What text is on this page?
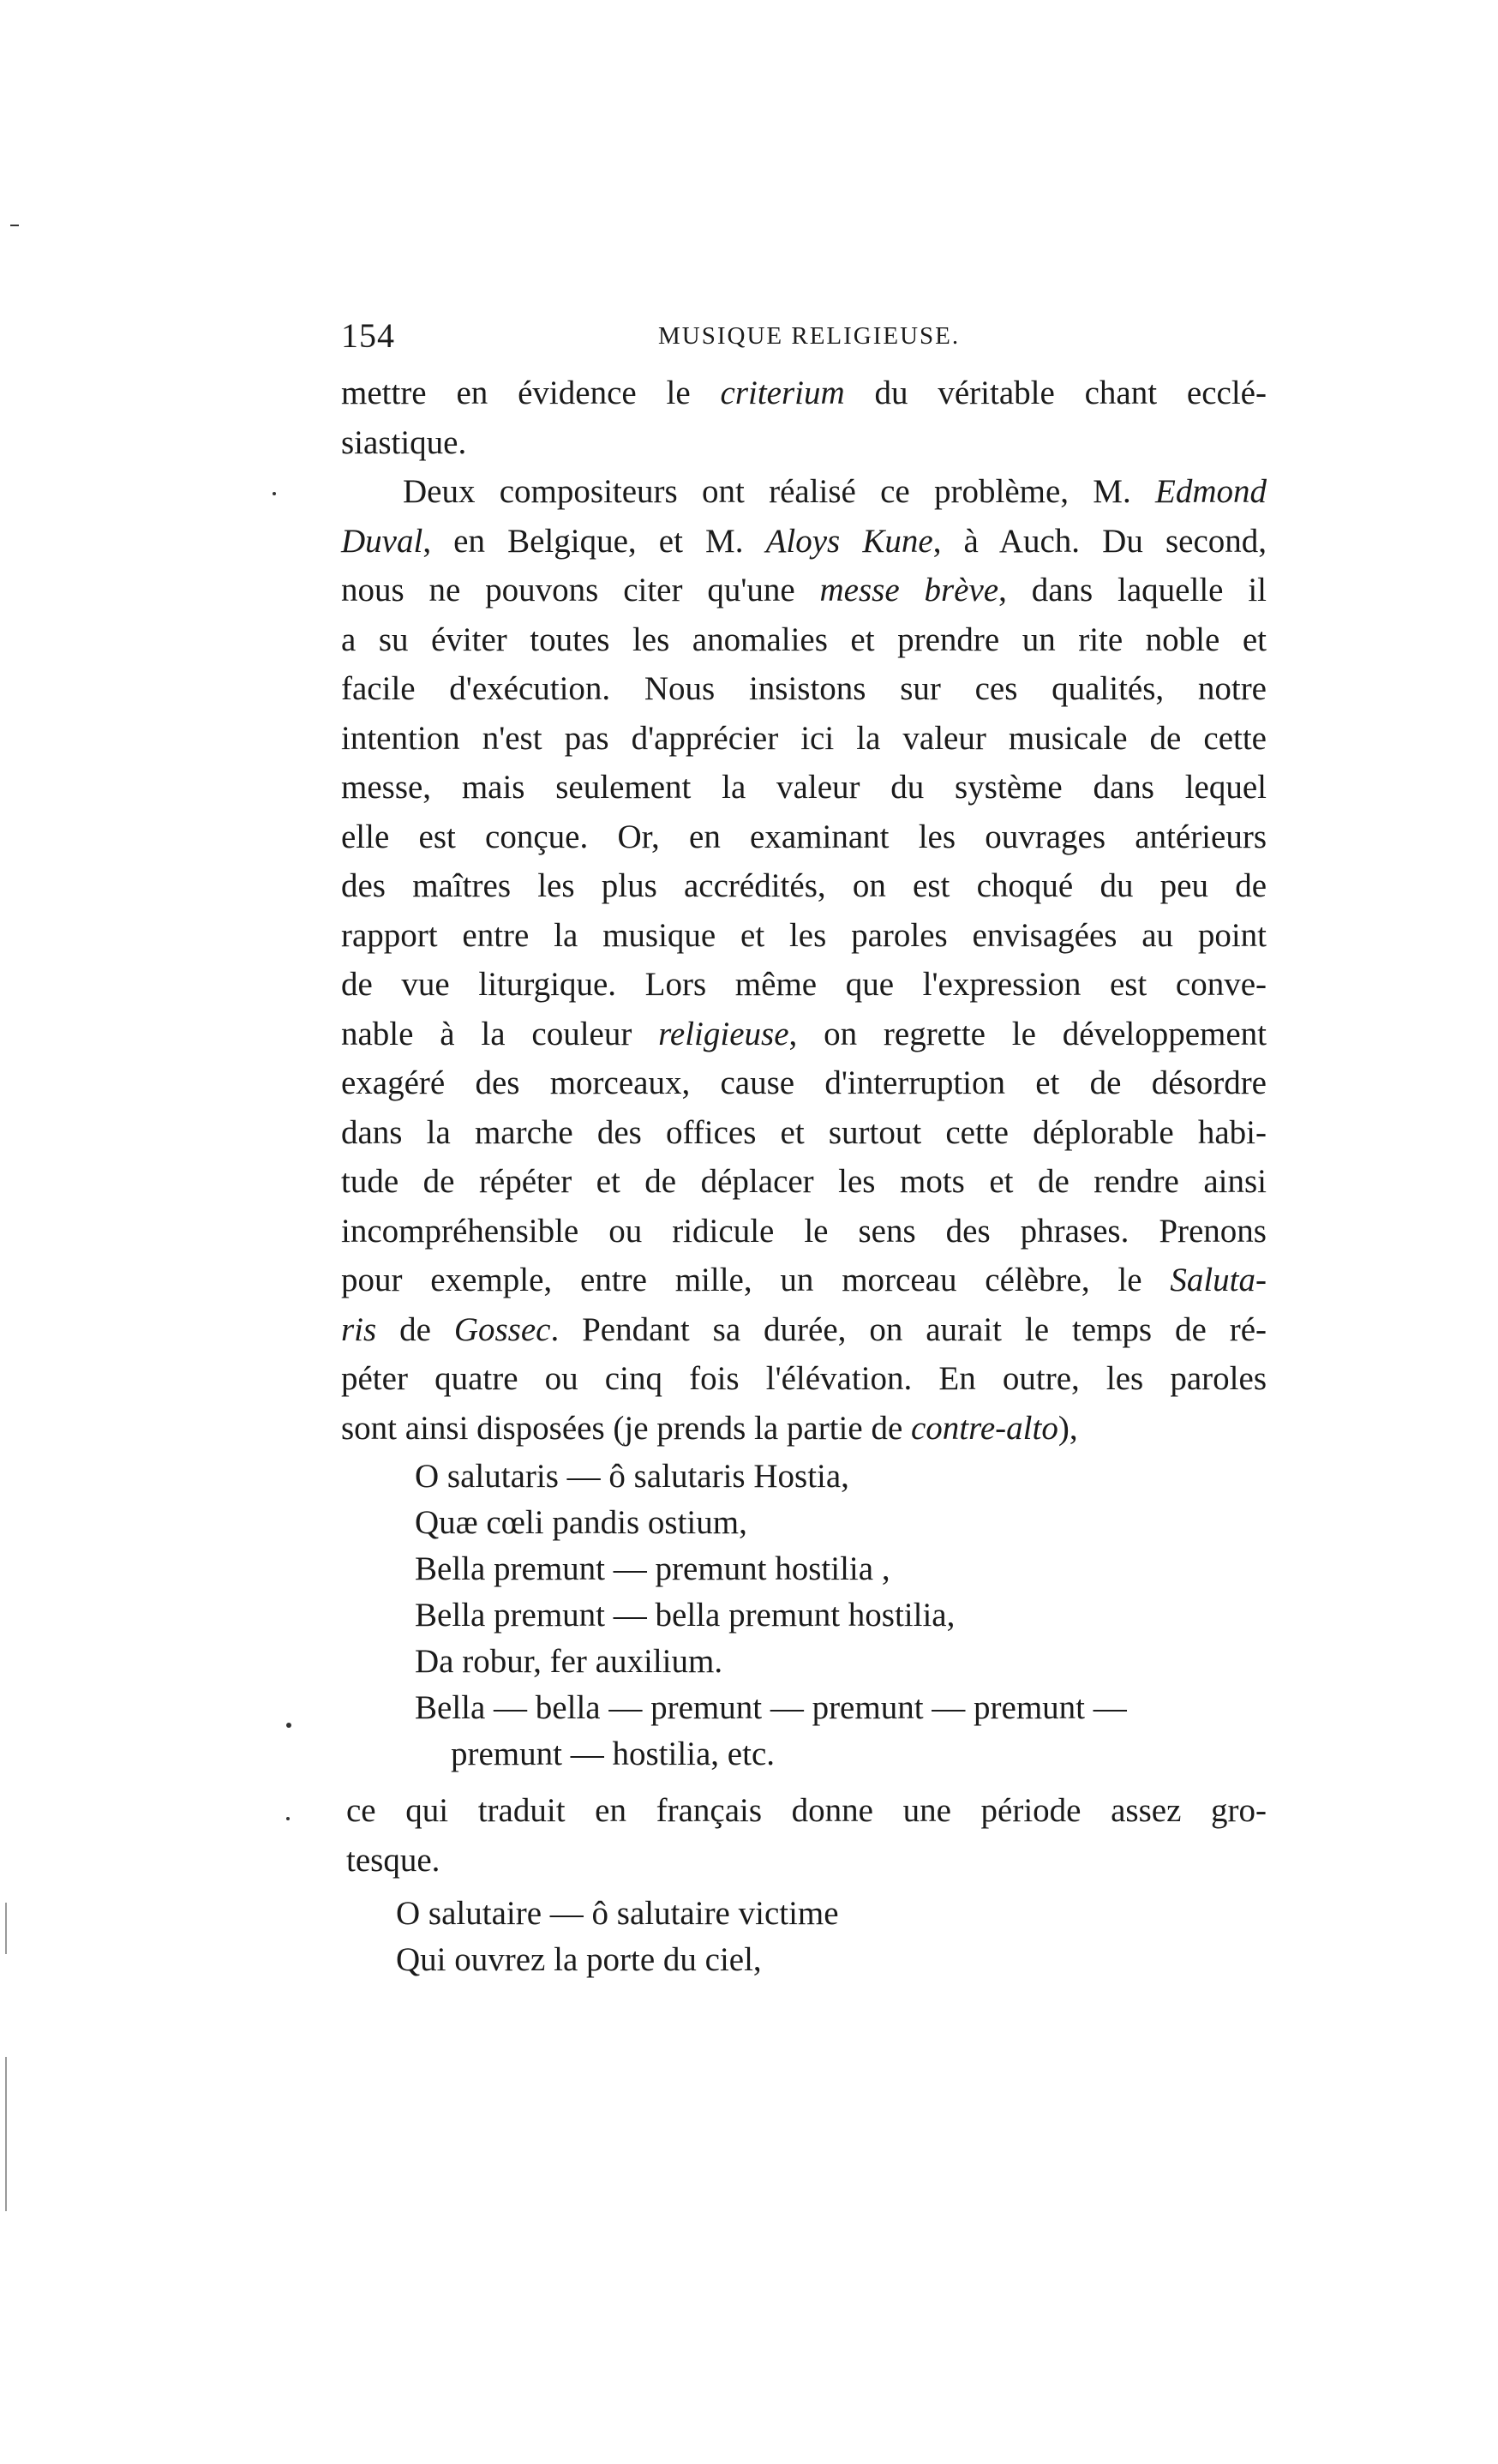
154	MUSIQUE RELIGIEUSE.
mettre en évidence le criterium du véritable chant ecclé-
siastique.
Deux compositeurs ont réalisé ce problème, M. Edmond
Duval, en Belgique, et M. Aloys Kune, à Auch. Du second,
nous ne pouvons citer qu'une messe brève, dans laquelle il
a su éviter toutes les anomalies et prendre un rite noble et
facile d'exécution. Nous insistons sur ces qualités, notre
intention n'est pas d'apprécier ici la valeur musicale de cette
messe, mais seulement la valeur du système dans lequel
elle est conçue. Or, en examinant les ouvrages antérieurs
des maîtres les plus accrédités, on est choqué du peu de
rapport entre la musique et les paroles envisagées au point
de vue liturgique. Lors même que l'expression est conve-
nable à la couleur religieuse, on regrette le développement
exagéré des morceaux, cause d'interruption et de désordre
dans la marche des offices et surtout cette déplorable habi-
tude de répéter et de déplacer les mots et de rendre ainsi
incompréhensible ou ridicule le sens des phrases. Prenons
pour exemple, entre mille, un morceau célèbre, le Saluta-
ris de Gossec. Pendant sa durée, on aurait le temps de ré-
péter quatre ou cinq fois l'élévation. En outre, les paroles
sont ainsi disposées (je prends la partie de contre-alto),
O salutaris — ô salutaris Hostia,
Quæ cœli pandis ostium,
Bella premunt — premunt hostilia ,
Bella premunt — bella premunt hostilia,
Da robur, fer auxilium.
Bella — bella — premunt — premunt — premunt —
premunt — hostilia, etc.
ce qui traduit en français donne une période assez gro-
tesque.
O salutaire — ô salutaire victime
Qui ouvrez la porte du ciel,
